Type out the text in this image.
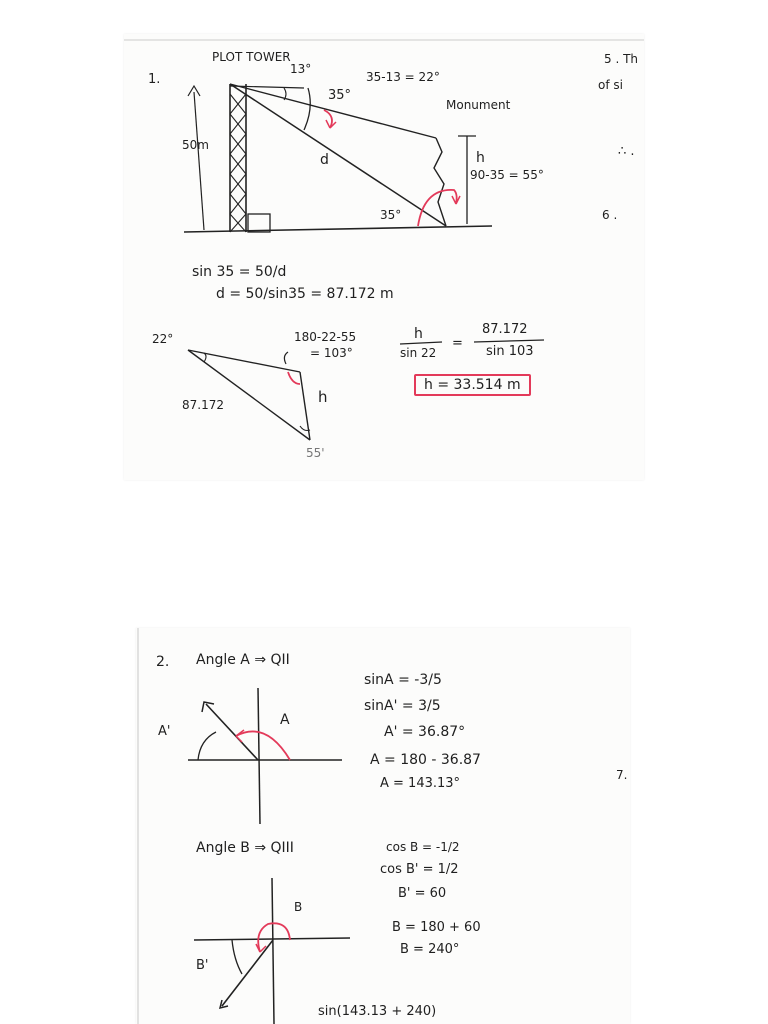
1.
PLOT TOWER
13°
35°
35-13 = 22°
Monument
50m
d	h
90-35 = 55°
35°
sin 35 = 50/d
d = 50/sin35 = 87.172 m
22°	180-22-55
= 103°
87.172	h
55'
h
sin 22
=
87.172
sin 103
h = 33.514 m
5 . Th
of si
∴ .
6 .
2. Angle A ⇒ QII
sinA = -3/5
sinA' = 3/5
A' = 36.87°
A = 180 - 36.87
A = 143.13°
A'
A
Angle B ⇒ QIII	cos B = -1/2
cos B' = 1/2
B' = 60
B = 180 + 60
B = 240°
B
B'
sin(143.13 + 240)
7.
